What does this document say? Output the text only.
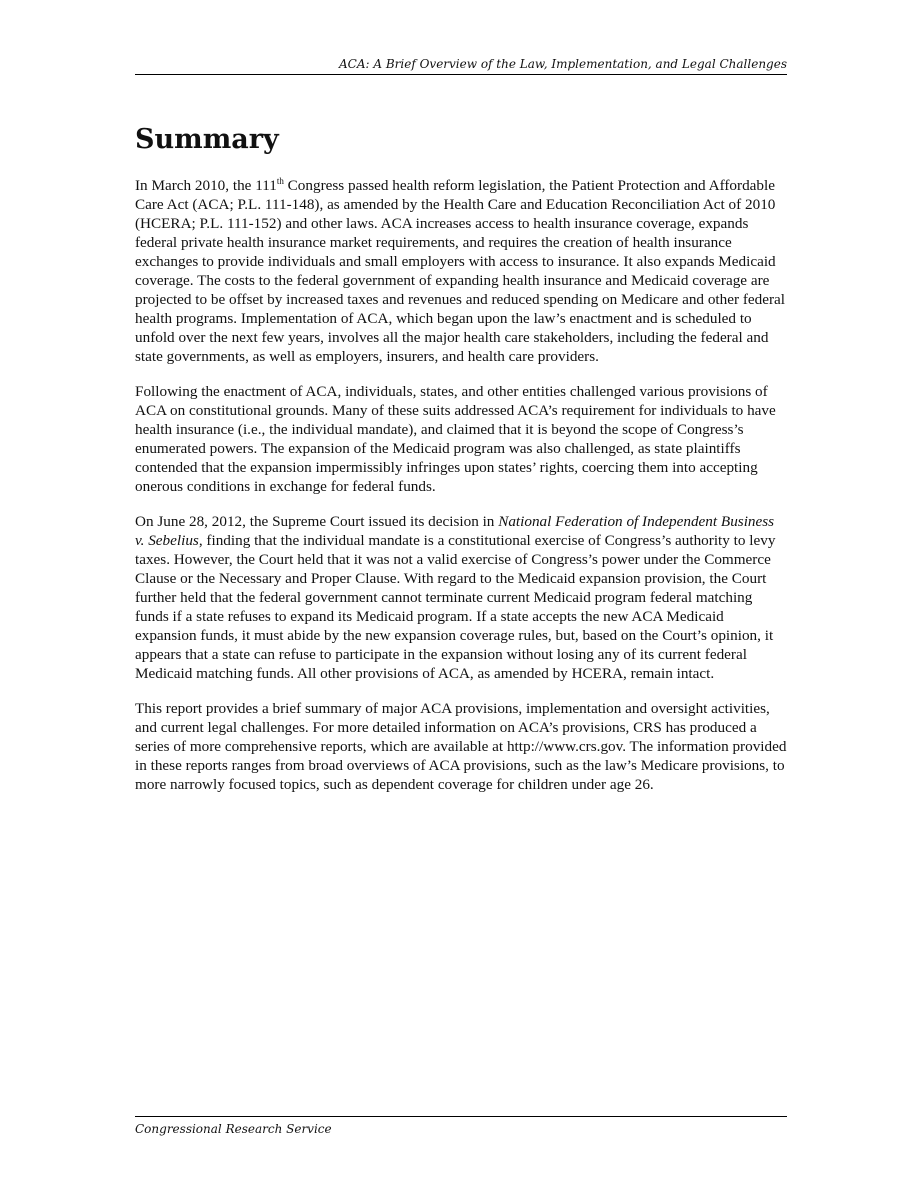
ACA: A Brief Overview of the Law, Implementation, and Legal Challenges
Summary

In March 2010, the 111th Congress passed health reform legislation, the Patient Protection and Affordable Care Act (ACA; P.L. 111-148), as amended by the Health Care and Education Reconciliation Act of 2010 (HCERA; P.L. 111-152) and other laws. ACA increases access to health insurance coverage, expands federal private health insurance market requirements, and requires the creation of health insurance exchanges to provide individuals and small employers with access to insurance. It also expands Medicaid coverage. The costs to the federal government of expanding health insurance and Medicaid coverage are projected to be offset by increased taxes and revenues and reduced spending on Medicare and other federal health programs. Implementation of ACA, which began upon the law’s enactment and is scheduled to unfold over the next few years, involves all the major health care stakeholders, including the federal and state governments, as well as employers, insurers, and health care providers.

Following the enactment of ACA, individuals, states, and other entities challenged various provisions of ACA on constitutional grounds. Many of these suits addressed ACA’s requirement for individuals to have health insurance (i.e., the individual mandate), and claimed that it is beyond the scope of Congress’s enumerated powers. The expansion of the Medicaid program was also challenged, as state plaintiffs contended that the expansion impermissibly infringes upon states’ rights, coercing them into accepting onerous conditions in exchange for federal funds.

On June 28, 2012, the Supreme Court issued its decision in National Federation of Independent Business v. Sebelius, finding that the individual mandate is a constitutional exercise of Congress’s authority to levy taxes. However, the Court held that it was not a valid exercise of Congress’s power under the Commerce Clause or the Necessary and Proper Clause. With regard to the Medicaid expansion provision, the Court further held that the federal government cannot terminate current Medicaid program federal matching funds if a state refuses to expand its Medicaid program. If a state accepts the new ACA Medicaid expansion funds, it must abide by the new expansion coverage rules, but, based on the Court’s opinion, it appears that a state can refuse to participate in the expansion without losing any of its current federal Medicaid matching funds. All other provisions of ACA, as amended by HCERA, remain intact.

This report provides a brief summary of major ACA provisions, implementation and oversight activities, and current legal challenges. For more detailed information on ACA’s provisions, CRS has produced a series of more comprehensive reports, which are available at http://www.crs.gov. The information provided in these reports ranges from broad overviews of ACA provisions, such as the law’s Medicare provisions, to more narrowly focused topics, such as dependent coverage for children under age 26.

Congressional Research Service
